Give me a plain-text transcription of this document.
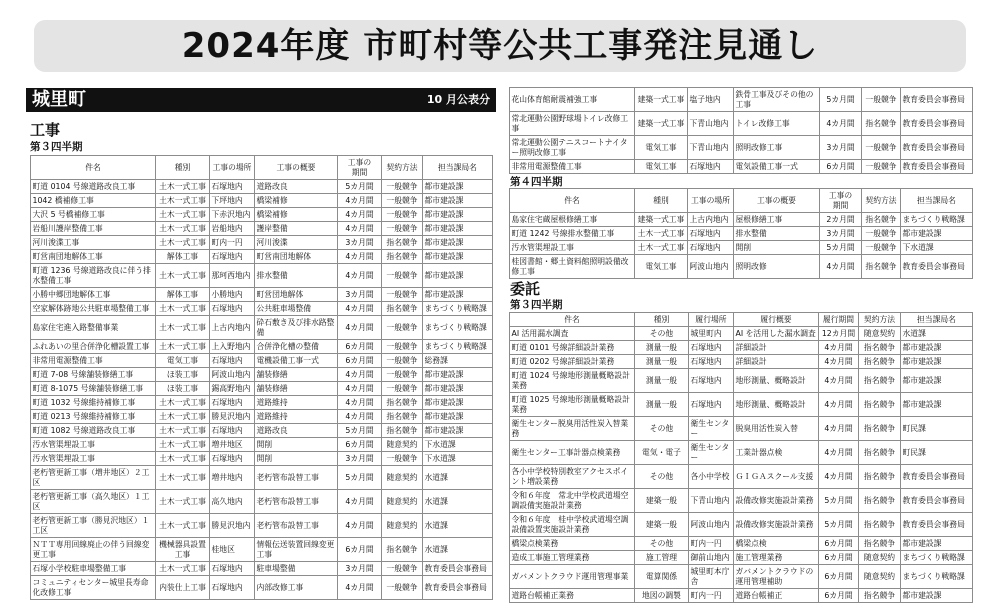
2024年度 市町村等公共工事発注見通し
城里町	10 月公表分
工事
第３四半期
件名	種別	工事の場所	工事の概要	工事の期間	契約方法	担当課局名
町道 0104 号線道路改良工事	土木一式工事	石塚地内	道路改良	5カ月間	一般競争	都市建設課
1042 橋補修工事	土木一式工事	下坪地内	橋梁補修	4カ月間	一般競争	都市建設課
大沢 5 号橋補修工事	土木一式工事	下赤沢地内	橋梁補修	4カ月間	一般競争	都市建設課
岩船川護岸整備工事	土木一式工事	岩船地内	護岸整備	4カ月間	一般競争	都市建設課
河川浚渫工事	土木一式工事	町内一円	河川浚渫	3カ月間	指名競争	都市建設課
町営南団地解体工事	解体工事	石塚地内	町営南団地解体	4カ月間	指名競争	都市建設課
町道 1236 号線道路改良に伴う排水整備工事	土木一式工事	那珂西地内	排水整備	4カ月間	一般競争	都市建設課
小勝中郷団地解体工事	解体工事	小勝地内	町営団地解体	3カ月間	一般競争	都市建設課
空家解体跡地公共駐車場整備工事	土木一式工事	石塚地内	公共駐車場整備	4カ月間	指名競争	まちづくり戦略課
島家住宅進入路整備事業	土木一式工事	上古内地内	砕石敷き及び排水路整備	4カ月間	一般競争	まちづくり戦略課
ふれあいの里合併浄化槽設置工事	土木一式工事	上入野地内	合併浄化槽の整備	6カ月間	一般競争	まちづくり戦略課
非常用電源整備工事	電気工事	石塚地内	電機設備工事一式	6カ月間	一般競争	総務課
町道 7-08 号線舗装修繕工事	ほ装工事	阿波山地内	舗装修繕	4カ月間	一般競争	都市建設課
町道 8-1075 号線舗装修繕工事	ほ装工事	錫高野地内	舗装修繕	4カ月間	一般競争	都市建設課
町道 1032 号線維持補修工事	土木一式工事	石塚地内	道路維持	4カ月間	指名競争	都市建設課
町道 0213 号線維持補修工事	土木一式工事	勝見沢地内	道路維持	4カ月間	指名競争	都市建設課
町道 1082 号線道路改良工事	土木一式工事	石塚地内	道路改良	5カ月間	指名競争	都市建設課
汚水管渠埋設工事	土木一式工事	増井地区	開削	6カ月間	随意契約	下水道課
汚水管渠埋設工事	土木一式工事	石塚地内	開削	3カ月間	一般競争	下水道課
老朽管更新工事（増井地区）２工区	土木一式工事	増井地内	老朽管布設替工事	5カ月間	随意契約	水道課
老朽管更新工事（高久地区）１工区	土木一式工事	高久地内	老朽管布設替工事	4カ月間	随意契約	水道課
老朽管更新工事（勝見沢地区）１工区	土木一式工事	勝見沢地内	老朽管布設替工事	4カ月間	随意契約	水道課
ＮＴＴ専用回線廃止の伴う回線変更工事	機械器具設置工事	桂地区	情報伝送装置回線変更工事	6カ月間	指名競争	水道課
石塚小学校駐車場整備工事	土木一式工事	石塚地内	駐車場整備	3カ月間	一般競争	教育委員会事務局
コミュニティセンター城里長寿命化改修工事	内装仕上工事	石塚地内	内部改修工事	4カ月間	一般競争	教育委員会事務局
花山体育館耐震補強工事	建築一式工事	塩子地内	鉄骨工事及びその他の工事	5カ月間	一般競争	教育委員会事務局
常北運動公園野球場トイレ改修工事	建築一式工事	下青山地内	トイレ改修工事	4カ月間	指名競争	教育委員会事務局
常北運動公園テニスコートナイター照明改修工事	電気工事	下青山地内	照明改修工事	3カ月間	一般競争	教育委員会事務局
非常用電源整備工事	電気工事	石塚地内	電気設備工事一式	6カ月間	一般競争	教育委員会事務局
第４四半期
件名	種別	工事の場所	工事の概要	工事の期間	契約方法	担当課局名
島家住宅蔵屋根修繕工事	建築一式工事	上古内地内	屋根修繕工事	2カ月間	指名競争	まちづくり戦略課
町道 1242 号線排水整備工事	土木一式工事	石塚地内	排水整備	3カ月間	一般競争	都市建設課
汚水管渠埋設工事	土木一式工事	石塚地内	開削	5カ月間	一般競争	下水道課
桂図書館・郷土資料館照明設備改修工事	電気工事	阿波山地内	照明改修	4カ月間	指名競争	教育委員会事務局
委託
第３四半期
件名	種別	履行場所	履行概要	履行期間	契約方法	担当課局名
AI 活用漏水調査	その他	城里町内	AI を活用した漏水調査	12カ月間	随意契約	水道課
町道 0101 号線詳細設計業務	測量一般	石塚地内	詳細設計	4カ月間	指名競争	都市建設課
町道 0202 号線詳細設計業務	測量一般	石塚地内	詳細設計	4カ月間	指名競争	都市建設課
町道 1024 号線地形測量概略設計業務	測量一般	石塚地内	地形測量、概略設計	4カ月間	指名競争	都市建設課
町道 1025 号線地形測量概略設計業務	測量一般	石塚地内	地形測量、概略設計	4カ月間	指名競争	都市建設課
衛生センター脱臭用活性炭入替業務	その他	衛生センター	脱臭用活性炭入替	4カ月間	指名競争	町民課
衛生センター工事計器点検業務	電気・電子	衛生センター	工業計器点検	4カ月間	指名競争	町民課
各小中学校特別教室アクセスポイント増設業務	その他	各小中学校	ＧＩＧＡスクール支援	4カ月間	指名競争	教育委員会事務局
令和６年度　常北中学校武道場空調設備実施設計業務	建築一般	下青山地内	設備改修実施設計業務	5カ月間	指名競争	教育委員会事務局
令和６年度　桂中学校武道場空調設備設置実施設計業務	建築一般	阿波山地内	設備改修実施設計業務	5カ月間	指名競争	教育委員会事務局
橋梁点検業務	その他	町内一円	橋梁点検	6カ月間	指名競争	都市建設課
造成工事施工管理業務	施工管理	御前山地内	施工管理業務	6カ月間	随意契約	まちづくり戦略課
ガバメントクラウド運用管理事業	電算関係	城里町本庁舎	ガバメントクラウドの運用管理補助	6カ月間	随意契約	まちづくり戦略課
道路台帳補正業務	地図の調製	町内一円	道路台帳補正	6カ月間	指名競争	都市建設課
